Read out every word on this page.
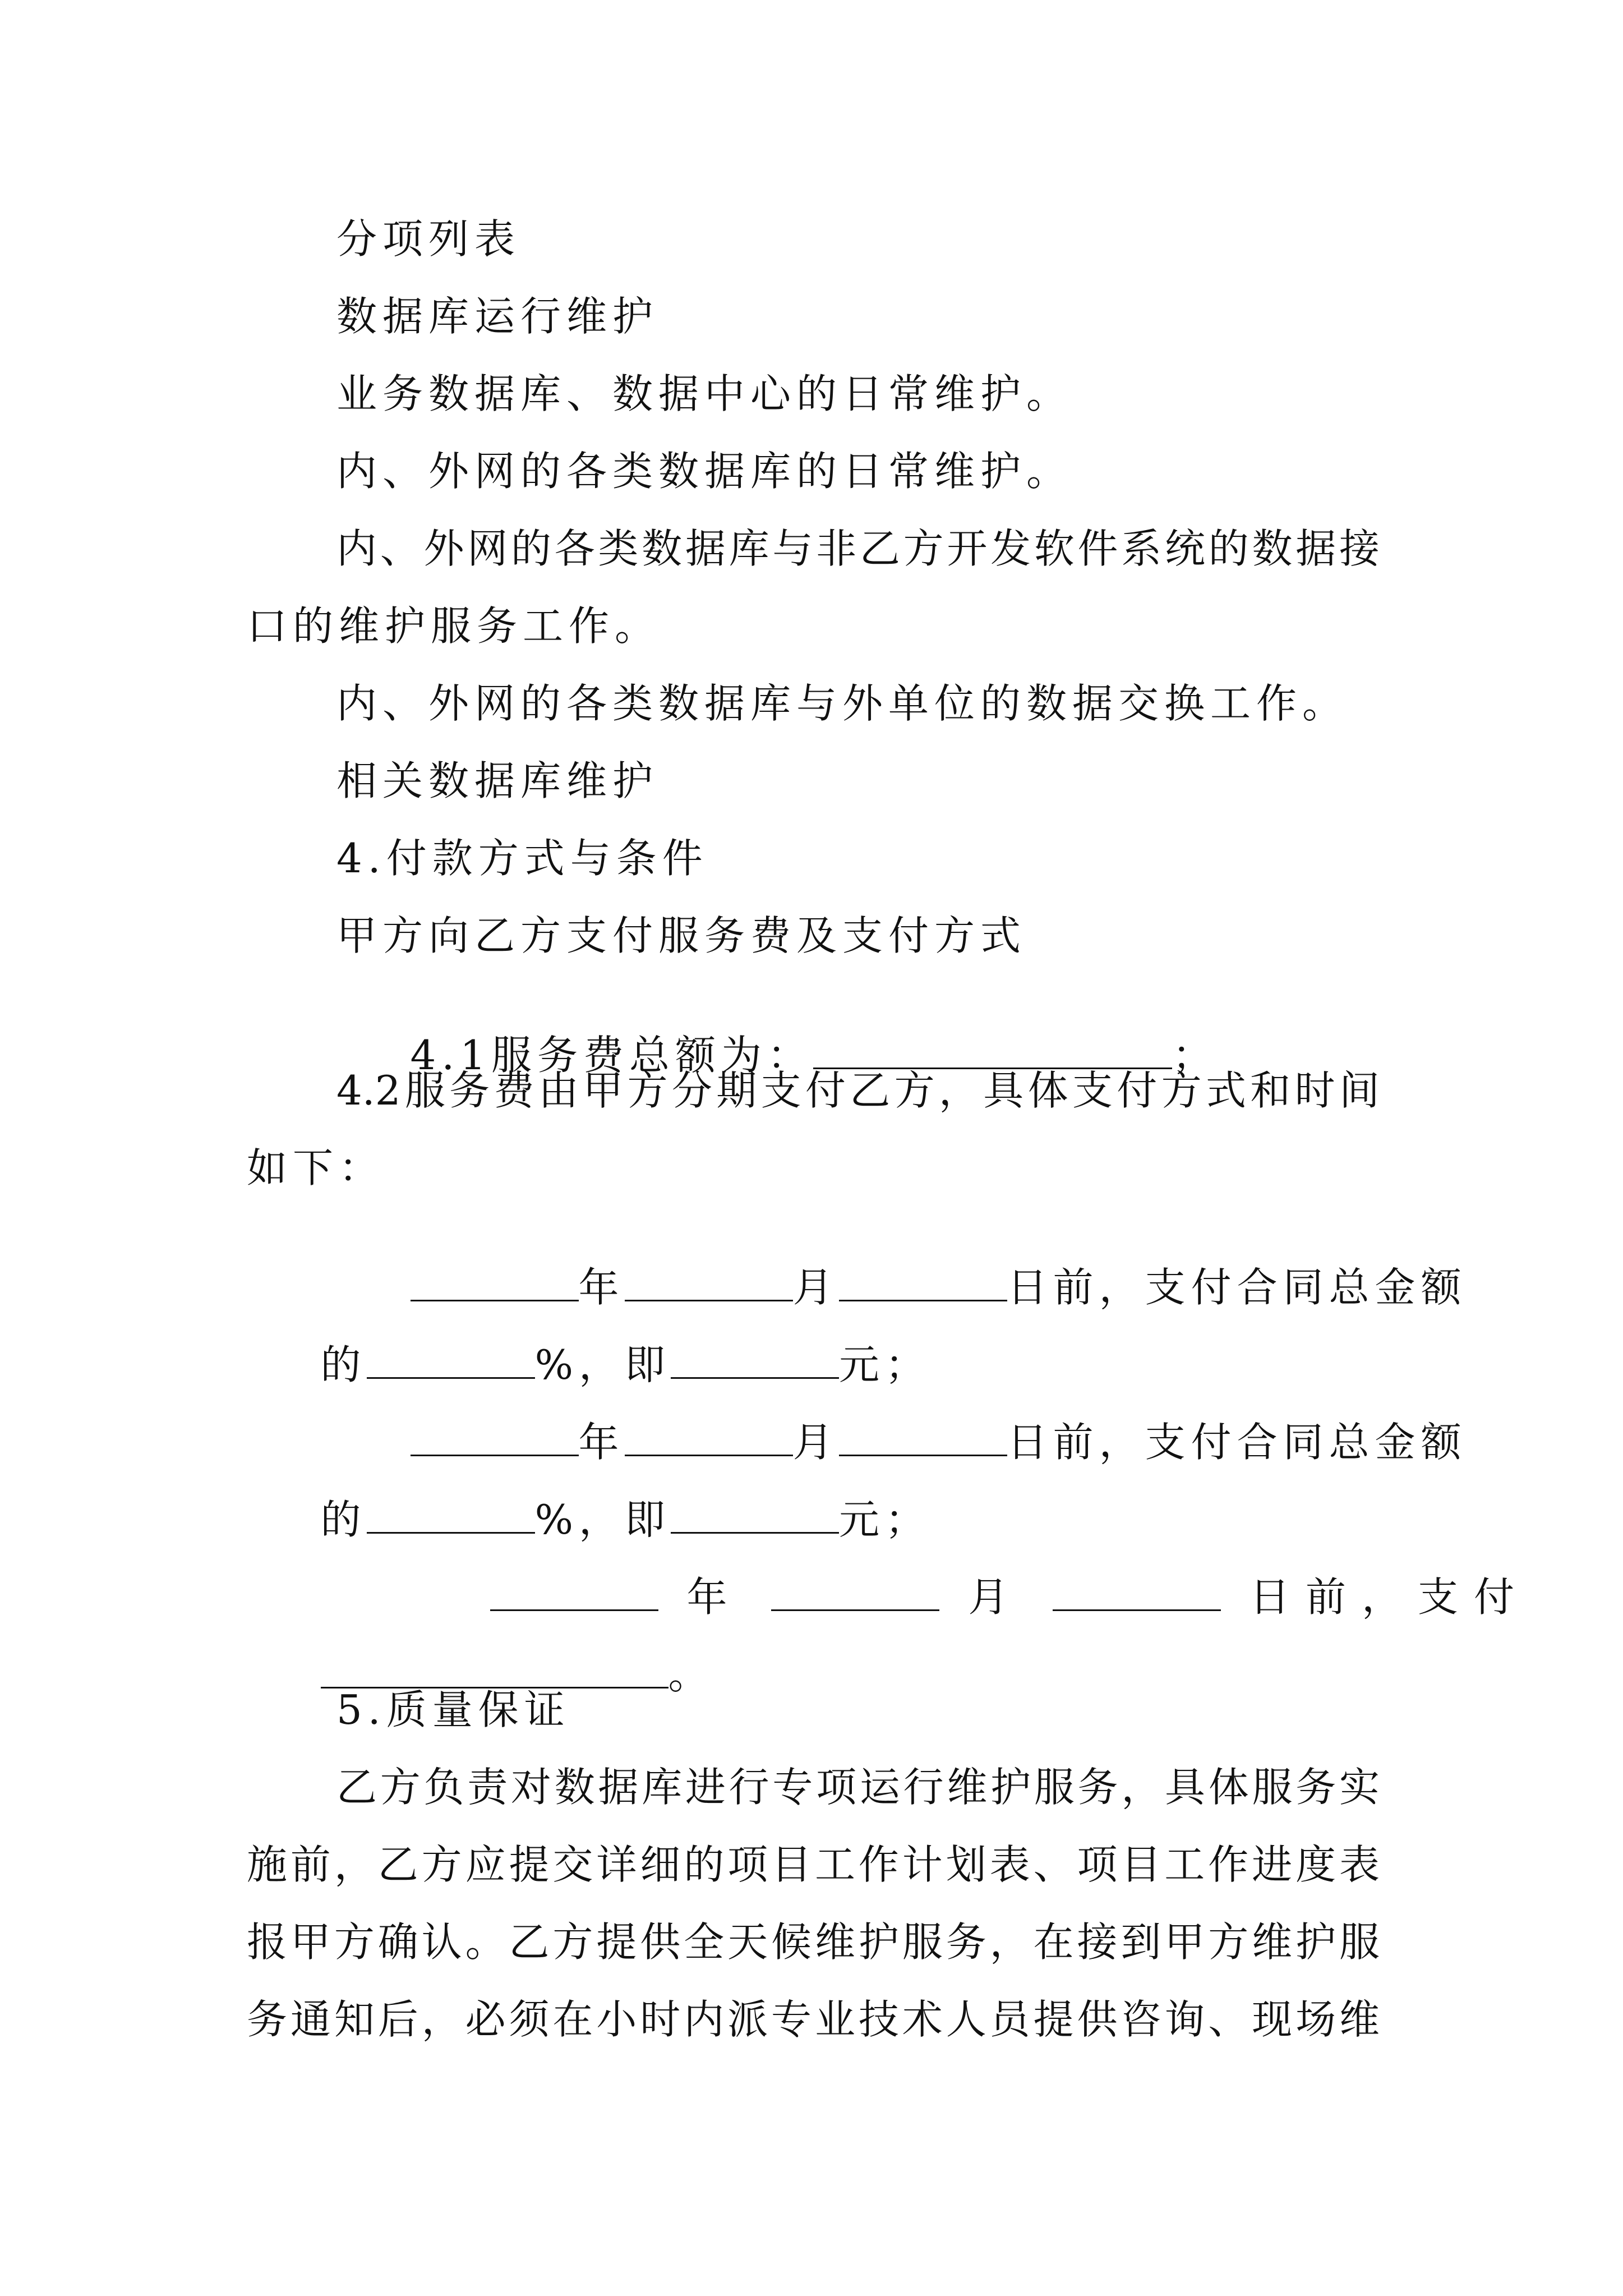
分项列表
数据库运行维护
业务数据库、数据中心的日常维护。
内、外网的各类数据库的日常维护。
内、外网的各类数据库与非乙方开发软件系统的数据接
口的维护服务工作。
内、外网的各类数据库与外单位的数据交换工作。
相关数据库维护
4.付款方式与条件
甲方向乙方支付服务费及支付方式

4.1服务费总额为：	；

4.2服务费由甲方分期支付乙方，具体支付方式和时间
如下：

年	月	日前，支付合同总金额

的	%，即	元；

年	月	日前，支付合同总金额

的	%，即	元；

年	月	日前，支付

。

5.质量保证
乙方负责对数据库进行专项运行维护服务，具体服务实
施前，乙方应提交详细的项目工作计划表、项目工作进度表
报甲方确认。乙方提供全天候维护服务，在接到甲方维护服
务通知后，必须在小时内派专业技术人员提供咨询、现场维
